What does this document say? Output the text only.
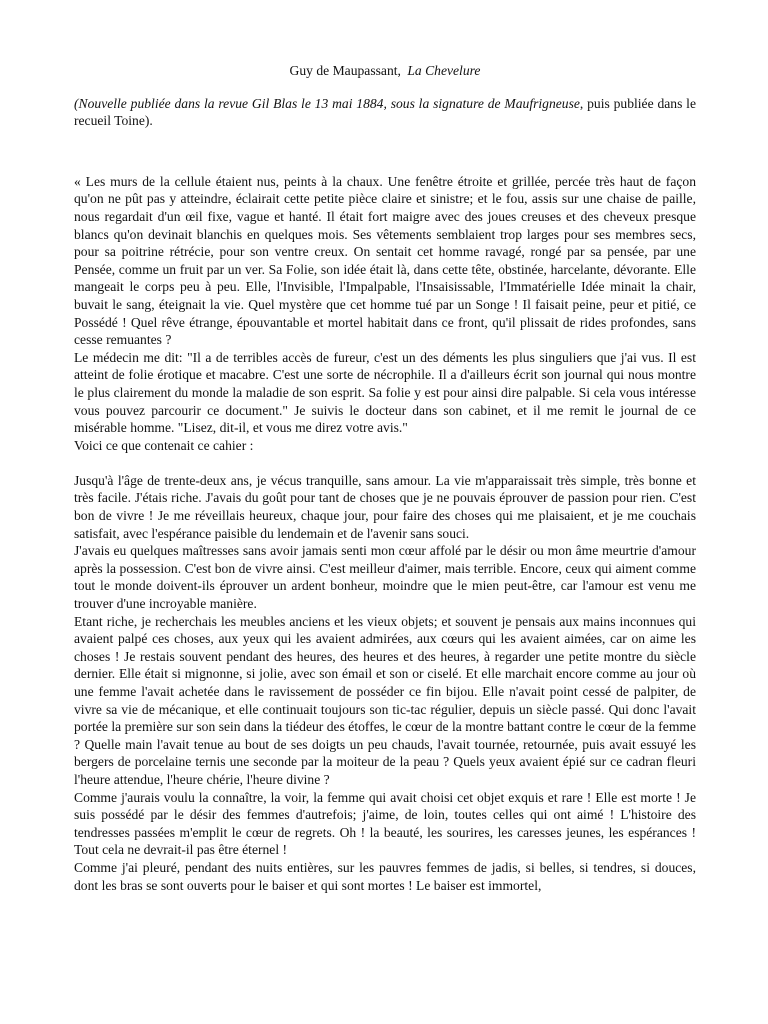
Guy de Maupassant, La Chevelure

(Nouvelle publiée dans la revue Gil Blas le 13 mai 1884, sous la signature de Maufrigneuse, puis publiée dans le recueil Toine).

« Les murs de la cellule étaient nus, peints à la chaux. Une fenêtre étroite et grillée, percée très haut de façon qu'on ne pût pas y atteindre, éclairait cette petite pièce claire et sinistre; et le fou, assis sur une chaise de paille, nous regardait d'un œil fixe, vague et hanté. Il était fort maigre avec des joues creuses et des cheveux presque blancs qu'on devinait blanchis en quelques mois. Ses vêtements semblaient trop larges pour ses membres secs, pour sa poitrine rétrécie, pour son ventre creux. On sentait cet homme ravagé, rongé par sa pensée, par une Pensée, comme un fruit par un ver. Sa Folie, son idée était là, dans cette tête, obstinée, harcelante, dévorante. Elle mangeait le corps peu à peu. Elle, l'Invisible, l'Impalpable, l'Insaisissable, l'Immatérielle Idée minait la chair, buvait le sang, éteignait la vie. Quel mystère que cet homme tué par un Songe ! Il faisait peine, peur et pitié, ce Possédé ! Quel rêve étrange, épouvantable et mortel habitait dans ce front, qu'il plissait de rides profondes, sans cesse remuantes ?

Le médecin me dit: "Il a de terribles accès de fureur, c'est un des déments les plus singuliers que j'ai vus. Il est atteint de folie érotique et macabre. C'est une sorte de nécrophile. Il a d'ailleurs écrit son journal qui nous montre le plus clairement du monde la maladie de son esprit. Sa folie y est pour ainsi dire palpable. Si cela vous intéresse vous pouvez parcourir ce document." Je suivis le docteur dans son cabinet, et il me remit le journal de ce misérable homme. "Lisez, dit-il, et vous me direz votre avis."

Voici ce que contenait ce cahier :

Jusqu'à l'âge de trente-deux ans, je vécus tranquille, sans amour. La vie m'apparaissait très simple, très bonne et très facile. J'étais riche. J'avais du goût pour tant de choses que je ne pouvais éprouver de passion pour rien. C'est bon de vivre ! Je me réveillais heureux, chaque jour, pour faire des choses qui me plaisaient, et je me couchais satisfait, avec l'espérance paisible du lendemain et de l'avenir sans souci.

J'avais eu quelques maîtresses sans avoir jamais senti mon cœur affolé par le désir ou mon âme meurtrie d'amour après la possession. C'est bon de vivre ainsi. C'est meilleur d'aimer, mais terrible. Encore, ceux qui aiment comme tout le monde doivent-ils éprouver un ardent bonheur, moindre que le mien peut-être, car l'amour est venu me trouver d'une incroyable manière.

Etant riche, je recherchais les meubles anciens et les vieux objets; et souvent je pensais aux mains inconnues qui avaient palpé ces choses, aux yeux qui les avaient admirées, aux cœurs qui les avaient aimées, car on aime les choses ! Je restais souvent pendant des heures, des heures et des heures, à regarder une petite montre du siècle dernier. Elle était si mignonne, si jolie, avec son émail et son or ciselé. Et elle marchait encore comme au jour où une femme l'avait achetée dans le ravissement de posséder ce fin bijou. Elle n'avait point cessé de palpiter, de vivre sa vie de mécanique, et elle continuait toujours son tic-tac régulier, depuis un siècle passé. Qui donc l'avait portée la première sur son sein dans la tiédeur des étoffes, le cœur de la montre battant contre le cœur de la femme ? Quelle main l'avait tenue au bout de ses doigts un peu chauds, l'avait tournée, retournée, puis avait essuyé les bergers de porcelaine ternis une seconde par la moiteur de la peau ? Quels yeux avaient épié sur ce cadran fleuri l'heure attendue, l'heure chérie, l'heure divine ?

Comme j'aurais voulu la connaître, la voir, la femme qui avait choisi cet objet exquis et rare ! Elle est morte ! Je suis possédé par le désir des femmes d'autrefois; j'aime, de loin, toutes celles qui ont aimé ! L'histoire des tendresses passées m'emplit le cœur de regrets. Oh ! la beauté, les sourires, les caresses jeunes, les espérances ! Tout cela ne devrait-il pas être éternel !

Comme j'ai pleuré, pendant des nuits entières, sur les pauvres femmes de jadis, si belles, si tendres, si douces, dont les bras se sont ouverts pour le baiser et qui sont mortes ! Le baiser est immortel,
